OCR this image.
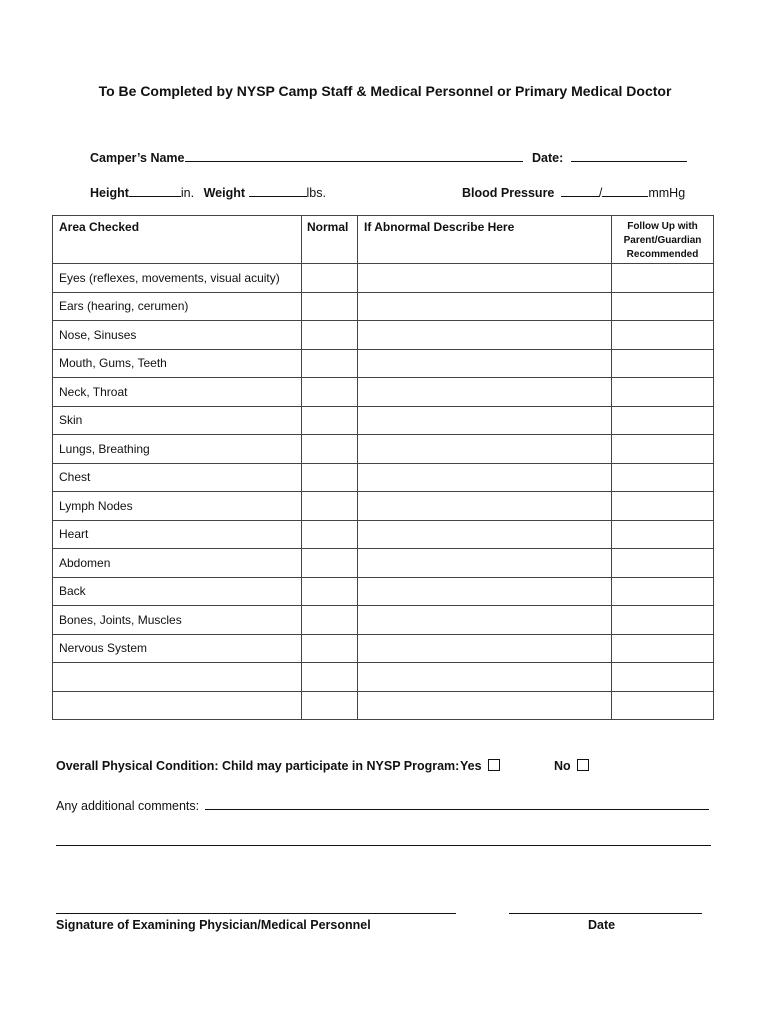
To Be Completed by NYSP Camp Staff & Medical Personnel or Primary Medical Doctor
Camper’s Name	Date:
Height	in. Weight	lbs.	Blood Pressure	/	mmHg
Area Checked	Normal	If Abnormal Describe Here	Follow Up with
Parent/Guardian
Recommended

Eyes (reflexes, movements, visual acuity)			
Ears (hearing, cerumen)			
Nose, Sinuses			
Mouth, Gums, Teeth			
Neck, Throat			
Skin			
Lungs, Breathing			
Chest			
Lymph Nodes			
Heart			
Abdomen			
Back			
Bones, Joints, Muscles			
Nervous System			

Overall Physical Condition: Child may participate in NYSP Program: Yes	No
Any additional comments:
Signature of Examining Physician/Medical Personnel	Date
